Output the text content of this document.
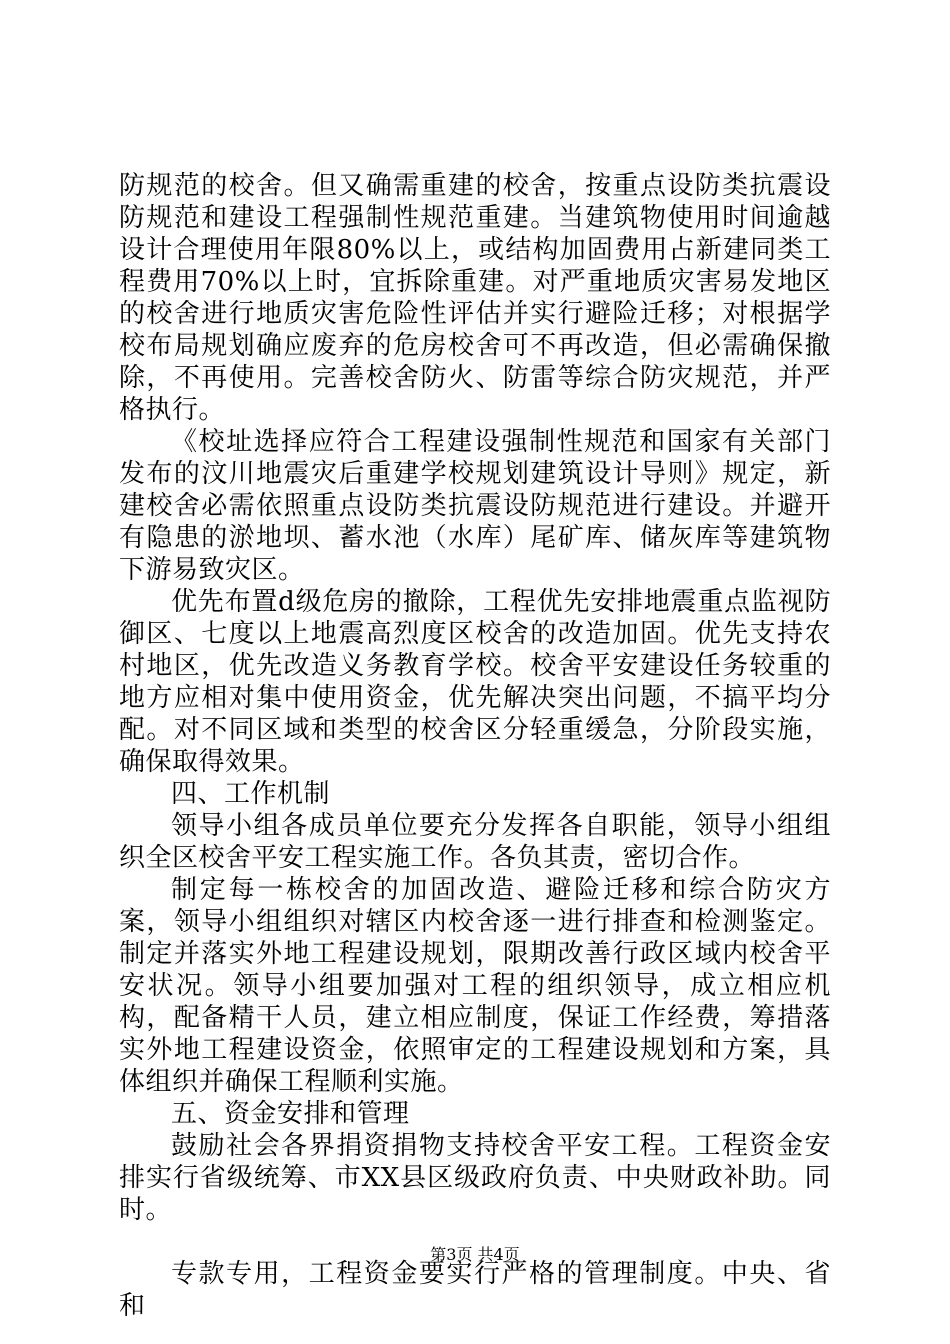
防规范的校舍。但又确需重建的校舍，按重点设防类抗震设防规范和建设工程强制性规范重建。当建筑物使用时间逾越设计合理使用年限80%以上，或结构加固费用占新建同类工程费用70%以上时，宜拆除重建。对严重地质灾害易发地区的校舍进行地质灾害危险性评估并实行避险迁移；对根据学校布局规划确应废弃的危房校舍可不再改造，但必需确保撤除，不再使用。完善校舍防火、防雷等综合防灾规范，并严格执行。

《校址选择应符合工程建设强制性规范和国家有关部门发布的汶川地震灾后重建学校规划建筑设计导则》规定，新建校舍必需依照重点设防类抗震设防规范进行建设。并避开有隐患的淤地坝、蓄水池（水库）尾矿库、储灰库等建筑物下游易致灾区。

优先布置d级危房的撤除，工程优先安排地震重点监视防御区、七度以上地震高烈度区校舍的改造加固。优先支持农村地区，优先改造义务教育学校。校舍平安建设任务较重的地方应相对集中使用资金，优先解决突出问题，不搞平均分配。对不同区域和类型的校舍区分轻重缓急，分阶段实施，确保取得效果。

四、工作机制

领导小组各成员单位要充分发挥各自职能，领导小组组织全区校舍平安工程实施工作。各负其责，密切合作。

制定每一栋校舍的加固改造、避险迁移和综合防灾方案，领导小组组织对辖区内校舍逐一进行排查和检测鉴定。制定并落实外地工程建设规划，限期改善行政区域内校舍平安状况。领导小组要加强对工程的组织领导，成立相应机构，配备精干人员，建立相应制度，保证工作经费，筹措落实外地工程建设资金，依照审定的工程建设规划和方案，具体组织并确保工程顺利实施。

五、资金安排和管理

鼓励社会各界捐资捐物支持校舍平安工程。工程资金安排实行省级统筹、市XX县区级政府负责、中央财政补助。同时。

专款专用，工程资金要实行严格的管理制度。中央、省和

第3页 共4页
